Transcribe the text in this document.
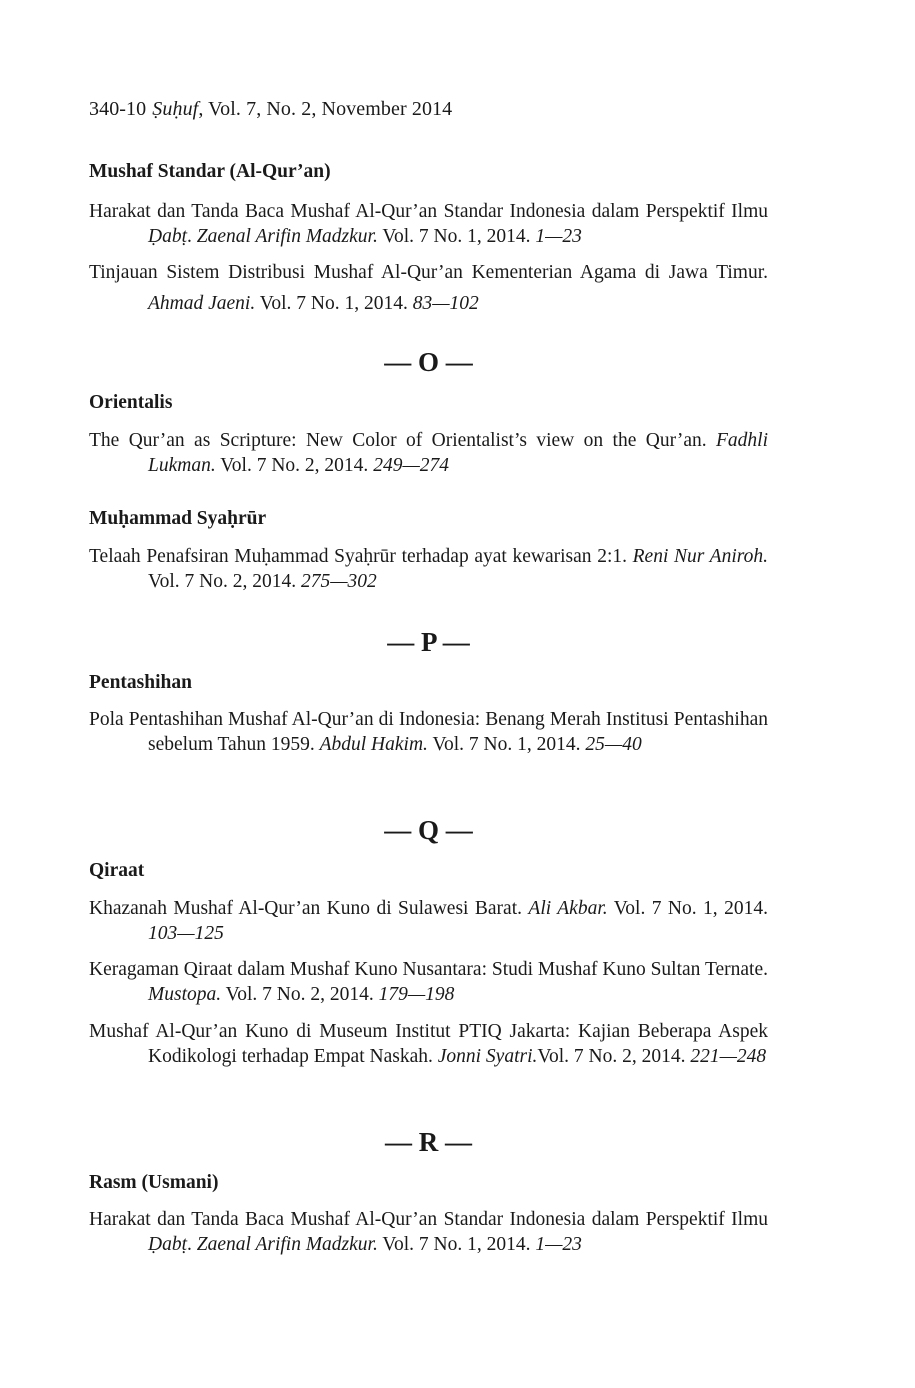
340-10 Ṣuḥuf, Vol. 7, No. 2, November 2014
Mushaf Standar (Al-Qur’an)
Harakat dan Tanda Baca Mushaf Al-Qur’an Standar Indonesia dalam Perspektif Ilmu Ḍabṭ. Zaenal Arifin Madzkur. Vol. 7 No. 1, 2014. 1—23
Tinjauan Sistem Distribusi Mushaf Al-Qur’an Kementerian Agama di Jawa Timur. Ahmad Jaeni. Vol. 7 No. 1, 2014. 83—102
— O —
Orientalis
The Qur’an as Scripture: New Color of Orientalist’s view on the Qur’an. Fadhli Lukman. Vol. 7 No. 2, 2014. 249—274
Muḥammad Syaḥrūr
Telaah Penafsiran Muḥammad Syaḥrūr terhadap ayat kewarisan 2:1. Reni Nur Aniroh. Vol. 7 No. 2, 2014. 275—302
— P —
Pentashihan
Pola Pentashihan Mushaf Al-Qur’an di Indonesia: Benang Merah Institusi Pentashihan sebelum Tahun 1959. Abdul Hakim. Vol. 7 No. 1, 2014. 25—40
— Q —
Qiraat
Khazanah Mushaf Al-Qur’an Kuno di Sulawesi Barat. Ali Akbar. Vol. 7 No. 1, 2014. 103—125
Keragaman Qiraat dalam Mushaf Kuno Nusantara: Studi Mushaf Kuno Sultan Ternate. Mustopa. Vol. 7 No. 2, 2014. 179—198
Mushaf Al-Qur’an Kuno di Museum Institut PTIQ Jakarta: Kajian Beberapa Aspek Kodikologi terhadap Empat Naskah. Jonni Syatri.Vol. 7 No. 2, 2014. 221—248
— R —
Rasm (Usmani)
Harakat dan Tanda Baca Mushaf Al-Qur’an Standar Indonesia dalam Perspektif Ilmu Ḍabṭ. Zaenal Arifin Madzkur. Vol. 7 No. 1, 2014. 1—23
